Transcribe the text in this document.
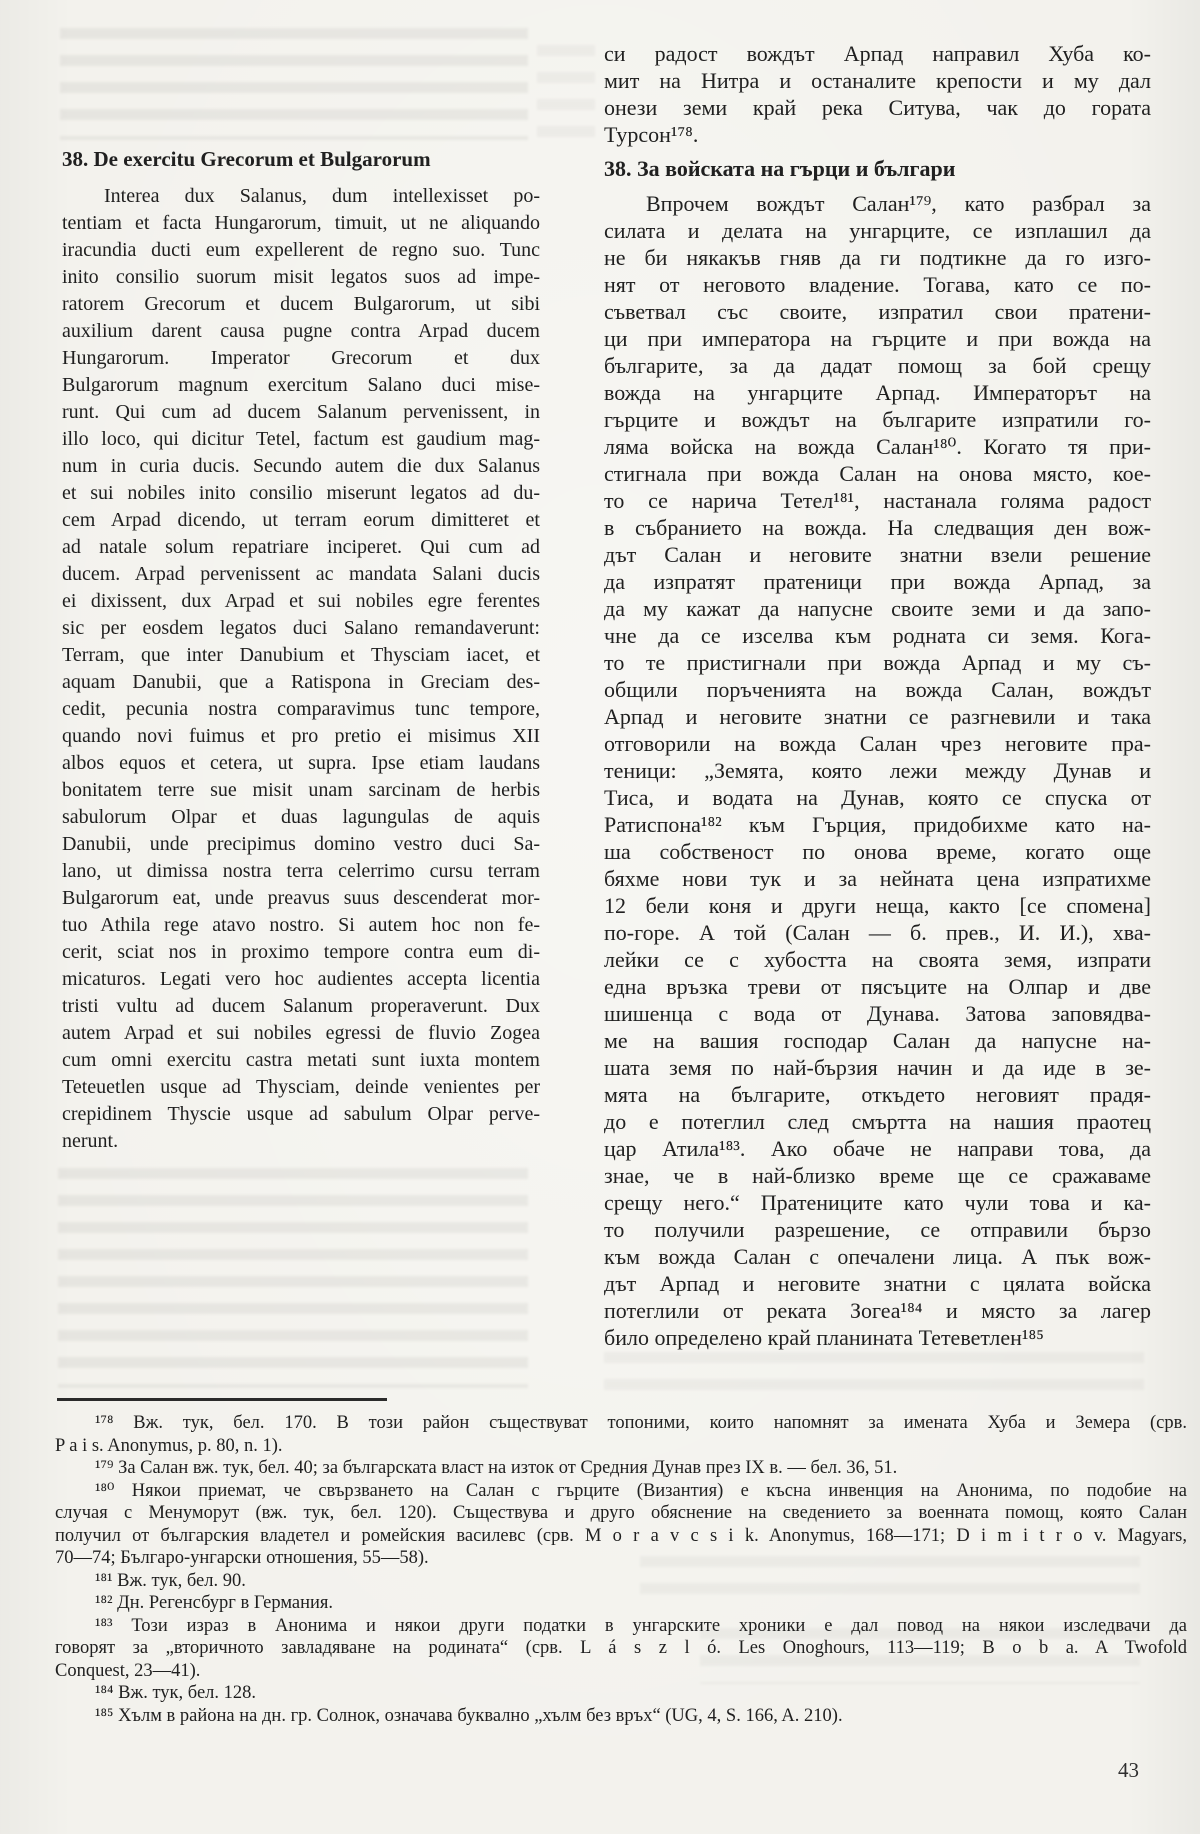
38. De exercitu Grecorum et Bulgarorum
Interea dux Salanus, dum intellexisset po-
tentiam et facta Hungarorum, timuit, ut ne aliquando
iracundia ducti eum expellerent de regno suo. Tunc
inito consilio suorum misit legatos suos ad impe-
ratorem Grecorum et ducem Bulgarorum, ut sibi
auxilium darent causa pugne contra Arpad ducem
Hungarorum. Imperator Grecorum et dux
Bulgarorum magnum exercitum Salano duci mise-
runt. Qui cum ad ducem Salanum pervenissent, in
illo loco, qui dicitur Tetel, factum est gaudium mag-
num in curia ducis. Secundo autem die dux Salanus
et sui nobiles inito consilio miserunt legatos ad du-
cem Arpad dicendo, ut terram eorum dimitteret et
ad natale solum repatriare inciperet. Qui cum ad
ducem. Arpad pervenissent ac mandata Salani ducis
ei dixissent, dux Arpad et sui nobiles egre ferentes
sic per eosdem legatos duci Salano remandaverunt:
Terram, que inter Danubium et Thysciam iacet, et
aquam Danubii, que a Ratispona in Greciam des-
cedit, pecunia nostra comparavimus tunc tempore,
quando novi fuimus et pro pretio ei misimus XII
albos equos et cetera, ut supra. Ipse etiam laudans
bonitatem terre sue misit unam sarcinam de herbis
sabulorum Olpar et duas lagungulas de aquis
Danubii, unde precipimus domino vestro duci Sa-
lano, ut dimissa nostra terra celerrimo cursu terram
Bulgarorum eat, unde preavus suus descenderat mor-
tuo Athila rege atavo nostro. Si autem hoc non fe-
cerit, sciat nos in proximo tempore contra eum di-
micaturos. Legati vero hoc audientes accepta licentia
tristi vultu ad ducem Salanum properaverunt. Dux
autem Arpad et sui nobiles egressi de fluvio Zogea
cum omni exercitu castra metati sunt iuxta montem
Teteuetlen usque ad Thysciam, deinde venientes per
crepidinem Thyscie usque ad sabulum Olpar perve-
nerunt.
си радост вождът Арпад направил Хуба ко-
мит на Нитра и останалите крепости и му дал
онези земи край река Ситува, чак до гората
Турсон¹⁷⁸.
38. За войската на гърци и българи
Впрочем вождът Салан¹⁷⁹, като разбрал за
силата и делата на унгарците, се изплашил да
не би някакъв гняв да ги подтикне да го изго-
нят от неговото владение. Тогава, като се по-
съветвал със своите, изпратил свои пратени-
ци при императора на гърците и при вожда на
българите, за да дадат помощ за бой срещу
вожда на унгарците Арпад. Императорът на
гърците и вождът на българите изпратили го-
ляма войска на вожда Салан¹⁸⁰. Когато тя при-
стигнала при вожда Салан на онова място, кое-
то се нарича Тетел¹⁸¹, настанала голяма радост
в събранието на вожда. На следващия ден вож-
дът Салан и неговите знатни взели решение
да изпратят пратеници при вожда Арпад, за
да му кажат да напусне своите земи и да запо-
чне да се изселва към родната си земя. Кога-
то те пристигнали при вожда Арпад и му съ-
общили поръченията на вожда Салан, вождът
Арпад и неговите знатни се разгневили и така
отговорили на вожда Салан чрез неговите пра-
теници: „Земята, която лежи между Дунав и
Тиса, и водата на Дунав, която се спуска от
Ратиспона¹⁸² към Гърция, придобихме като на-
ша собственост по онова време, когато още
бяхме нови тук и за нейната цена изпратихме
12 бели коня и други неща, както [се спомена]
по-горе. А той (Салан — б. прев., И. И.), хва-
лейки се с хубостта на своята земя, изпрати
една връзка треви от пясъците на Олпар и две
шишенца с вода от Дунава. Затова заповядва-
ме на вашия господар Салан да напусне на-
шата земя по най-бързия начин и да иде в зе-
мята на българите, откъдето неговият прадя-
до е потеглил след смъртта на нашия праотец
цар Атила¹⁸³. Ако обаче не направи това, да
знае, че в най-близко време ще се сражаваме
срещу него.“ Пратениците като чули това и ка-
то получили разрешение, се отправили бързо
към вожда Салан с опечалени лица. А пък вож-
дът Арпад и неговите знатни с цялата войска
потеглили от реката Зогеа¹⁸⁴ и място за лагер
било определено край планината Тетеветлен¹⁸⁵
¹⁷⁸ Вж. тук, бел. 170. В този район съществуват топоними, които напомнят за имената Хуба и Земера (срв.
P a i s. Anonymus, p. 80, n. 1).
¹⁷⁹ За Салан вж. тук, бел. 40; за българската власт на изток от Средния Дунав през IX в. — бел. 36, 51.
¹⁸⁰ Някои приемат, че свързването на Салан с гърците (Византия) е късна инвенция на Анонима, по подобие на
случая с Менуморут (вж. тук, бел. 120). Съществува и друго обяснение на сведението за военната помощ, която Салан
получил от българския владетел и ромейския василевс (срв. M o r a v c s i k. Anonymus, 168—171; D i m i t r o v. Magyars,
70—74; Българо-унгарски отношения, 55—58).
¹⁸¹ Вж. тук, бел. 90.
¹⁸² Дн. Регенсбург в Германия.
¹⁸³ Този израз в Анонима и някои други податки в унгарските хроники е дал повод на някои изследвачи да
говорят за „вторичното завладяване на родината“ (срв. L á s z l ó. Les Onoghours, 113—119; B o b a. A Twofold
Conquest, 23—41).
¹⁸⁴ Вж. тук, бел. 128.
¹⁸⁵ Хълм в района на дн. гр. Солнок, означава буквално „хълм без връх“ (UG, 4, S. 166, A. 210).
43
